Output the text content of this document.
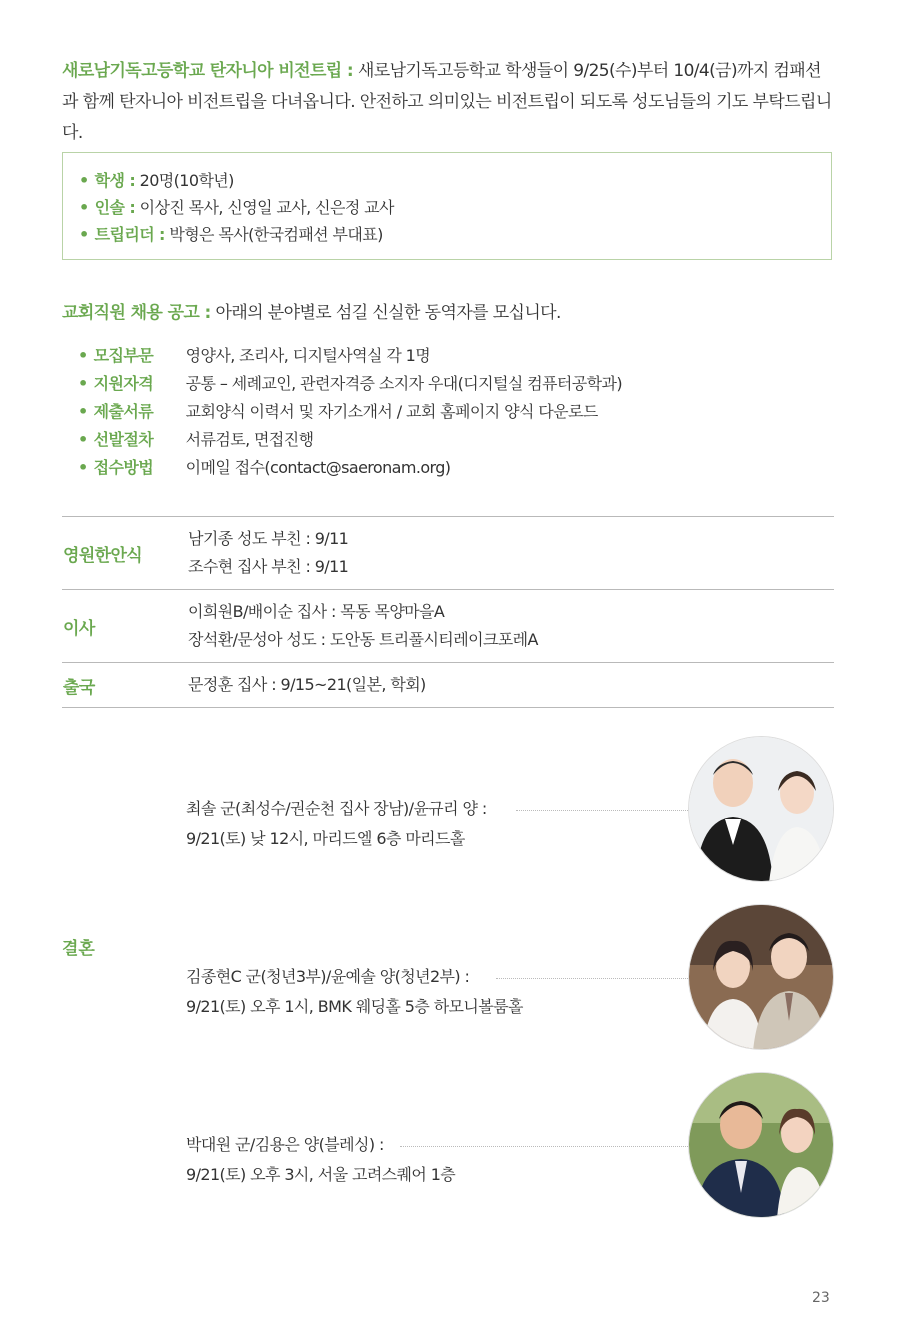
새로남기독고등학교 탄자니아 비전트립 : 새로남기독고등학교 학생들이 9/25(수)부터 10/4(금)까지 컴패션과 함께 탄자니아 비전트립을 다녀옵니다. 안전하고 의미있는 비전트립이 되도록 성도님들의 기도 부탁드립니다.
• 학생 : 20명(10학년)
• 인솔 : 이상진 목사, 신영일 교사, 신은정 교사
• 트립리더 : 박형은 목사(한국컴패션 부대표)
교회직원 채용 공고 : 아래의 분야별로 섬길 신실한 동역자를 모십니다.
• 모집부문	영양사, 조리사, 디지털사역실 각 1명
• 지원자격	공통 – 세례교인, 관련자격증 소지자 우대(디지털실 컴퓨터공학과)
• 제출서류	교회양식 이력서 및 자기소개서 / 교회 홈페이지 양식 다운로드
• 선발절차	서류검토, 면접진행
• 접수방법	이메일 접수(contact@saeronam.org)
영원한안식	남기종 성도 부친 : 9/11
조수현 집사 부친 : 9/11

이사	이희원B/배이순 집사 : 목동 목양마을A
장석환/문성아 성도 : 도안동 트리풀시티레이크포레A

출국	문정훈 집사 : 9/15~21(일본, 학회)
결혼
최솔 군(최성수/권순천 집사 장남)/윤규리 양 :
9/21(토) 낮 12시, 마리드엘 6층 마리드홀
김종현C 군(청년3부)/윤예솔 양(청년2부) :
9/21(토) 오후 1시, BMK 웨딩홀 5층 하모니볼룸홀
박대원 군/김용은 양(블레싱) :
9/21(토) 오후 3시, 서울 고려스퀘어 1층
23
